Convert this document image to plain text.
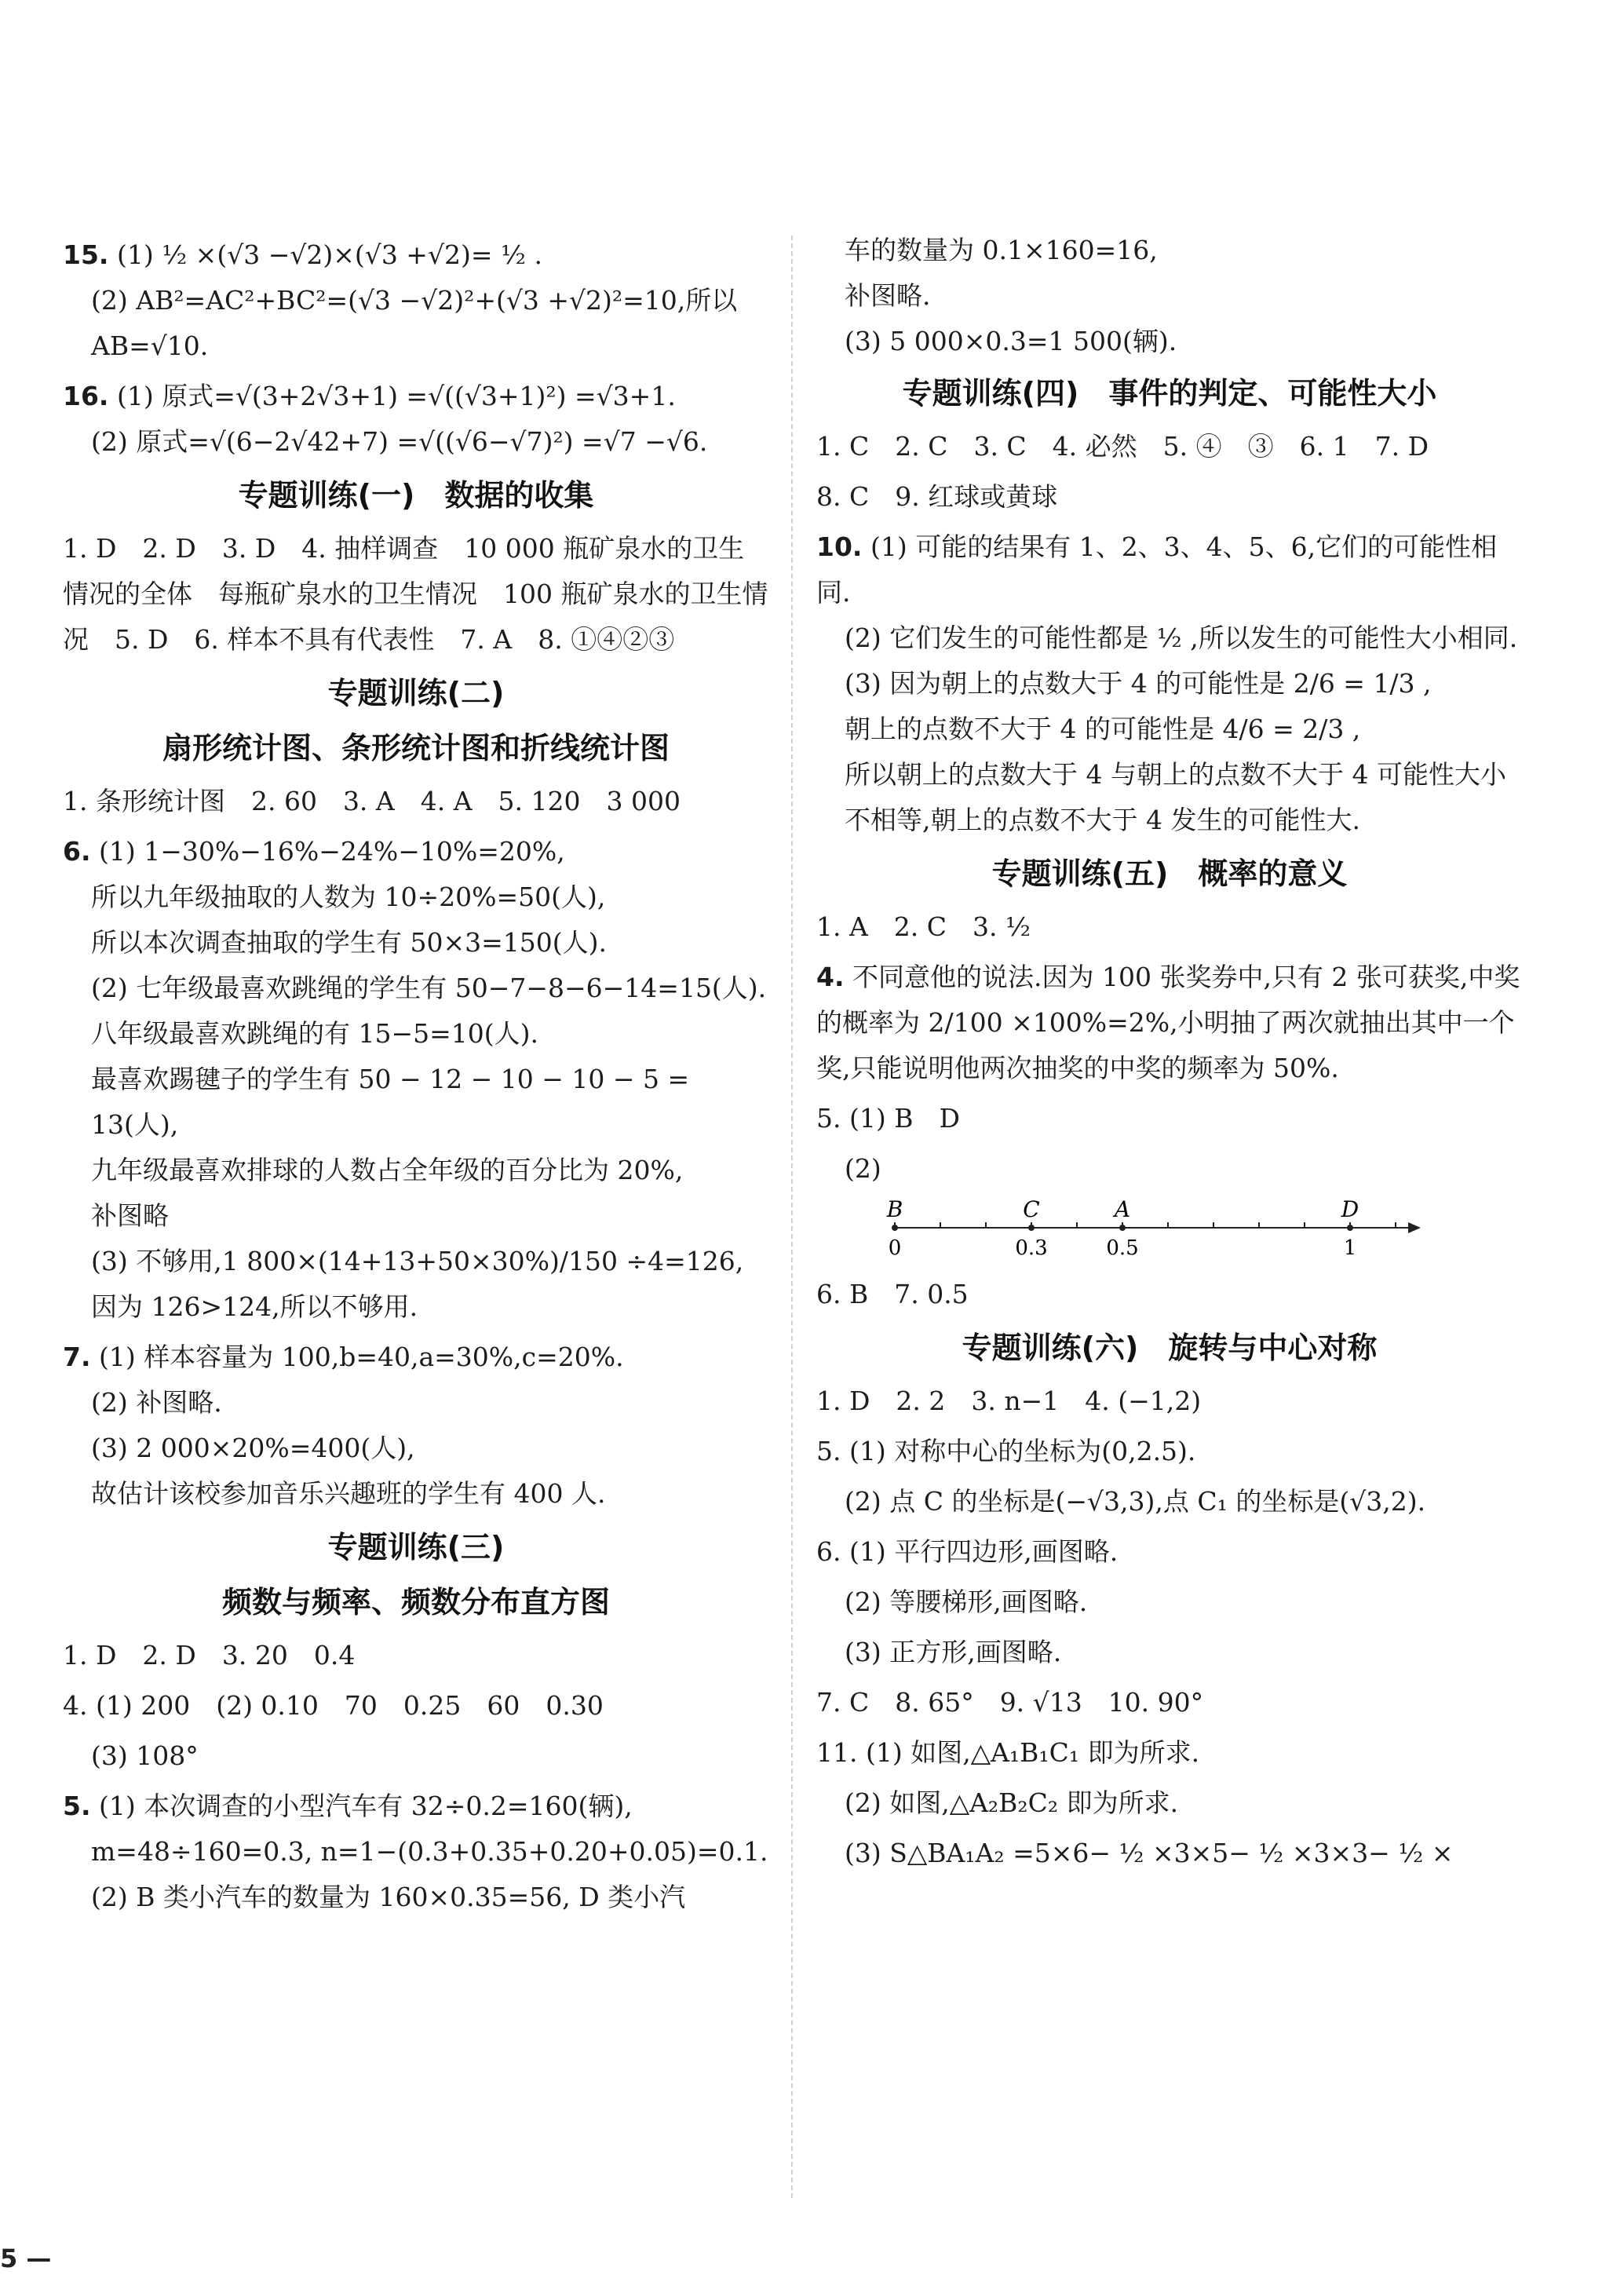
15. (1) ½ ×(√3 −√2)×(√3 +√2)= ½ .
(2) AB²=AC²+BC²=(√3 −√2)²+(√3 +√2)²=10,所以 AB=√10.
16. (1) 原式=√(3+2√3+1) =√((√3+1)²) =√3+1.
(2) 原式=√(6−2√42+7) =√((√6−√7)²) =√7 −√6.
专题训练(一)　数据的收集
1. D　2. D　3. D　4. 抽样调查　10 000 瓶矿泉水的卫生情况的全体　每瓶矿泉水的卫生情况　100 瓶矿泉水的卫生情况　5. D　6. 样本不具有代表性　7. A　8. ①④②③
专题训练(二)
扇形统计图、条形统计图和折线统计图
1. 条形统计图　2. 60　3. A　4. A　5. 120　3 000
6. (1) 1−30%−16%−24%−10%=20%,
所以九年级抽取的人数为 10÷20%=50(人),
所以本次调查抽取的学生有 50×3=150(人).
(2) 七年级最喜欢跳绳的学生有 50−7−8−6−14=15(人).
八年级最喜欢跳绳的有 15−5=10(人).
最喜欢踢毽子的学生有 50 − 12 − 10 − 10 − 5 = 13(人),
九年级最喜欢排球的人数占全年级的百分比为 20%,
补图略
(3) 不够用,1 800×(14+13+50×30%)/150 ÷4=126,
因为 126>124,所以不够用.
7. (1) 样本容量为 100,b=40,a=30%,c=20%.
(2) 补图略.
(3) 2 000×20%=400(人),
故估计该校参加音乐兴趣班的学生有 400 人.
专题训练(三)
频数与频率、频数分布直方图
1. D　2. D　3. 20　0.4
4. (1) 200　(2) 0.10　70　0.25　60　0.30
(3) 108°
5. (1) 本次调查的小型汽车有 32÷0.2=160(辆),
m=48÷160=0.3, n=1−(0.3+0.35+0.20+0.05)=0.1.
(2) B 类小汽车的数量为 160×0.35=56, D 类小汽
车的数量为 0.1×160=16,
补图略.
(3) 5 000×0.3=1 500(辆).
专题训练(四)　事件的判定、可能性大小
1. C　2. C　3. C　4. 必然　5. ④　③　6. 1　7. D
8. C　9. 红球或黄球
10. (1) 可能的结果有 1、2、3、4、5、6,它们的可能性相同.
(2) 它们发生的可能性都是 ½ ,所以发生的可能性大小相同.
(3) 因为朝上的点数大于 4 的可能性是 2/6 = 1/3 ,
朝上的点数不大于 4 的可能性是 4/6 = 2/3 ,
所以朝上的点数大于 4 与朝上的点数不大于 4 可能性大小不相等,朝上的点数不大于 4 发生的可能性大.
专题训练(五)　概率的意义
1. A　2. C　3. ½
4. 不同意他的说法.因为 100 张奖券中,只有 2 张可获奖,中奖的概率为 2/100 ×100%=2%,小明抽了两次就抽出其中一个奖,只能说明他两次抽奖的中奖的频率为 50%.
5. (1) B　D
(2)
B
0
C
0.3
A
0.5
D
1
6. B　7. 0.5
专题训练(六)　旋转与中心对称
1. D　2. 2　3. n−1　4. (−1,2)
5. (1) 对称中心的坐标为(0,2.5).
(2) 点 C 的坐标是(−√3,3),点 C₁ 的坐标是(√3,2).
6. (1) 平行四边形,画图略.
(2) 等腰梯形,画图略.
(3) 正方形,画图略.
7. C　8. 65°　9. √13　10. 90°
11. (1) 如图,△A₁B₁C₁ 即为所求.
(2) 如图,△A₂B₂C₂ 即为所求.
(3) S△BA₁A₂ =5×6− ½ ×3×5− ½ ×3×3− ½ ×
5 —
